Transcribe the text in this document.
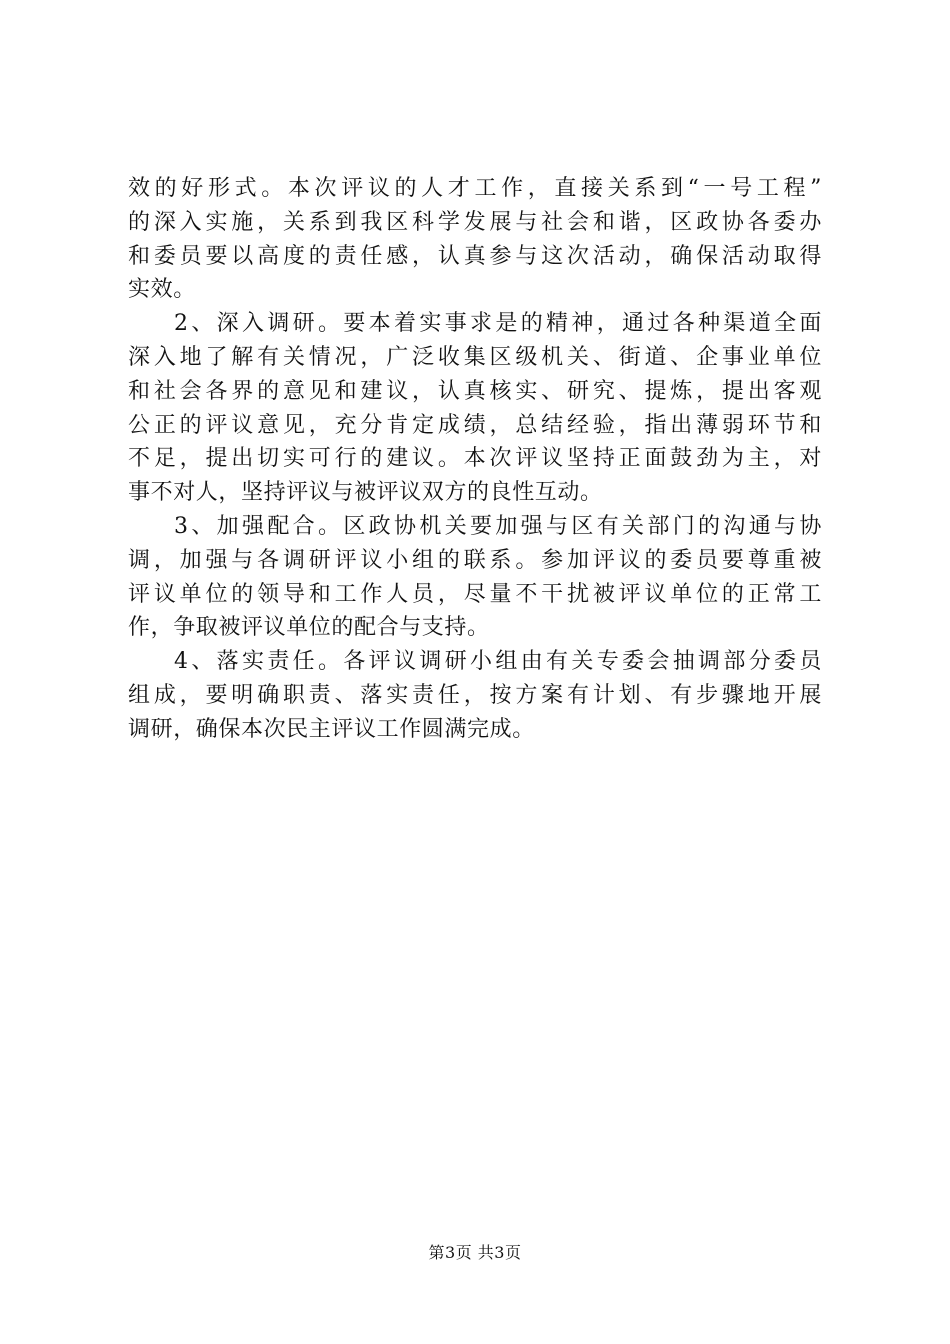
效的好形式。本次评议的人才工作，直接关系到“一号工程”
的深入实施，关系到我区科学发展与社会和谐，区政协各委办
和委员要以高度的责任感，认真参与这次活动，确保活动取得
实效。
2、深入调研。要本着实事求是的精神，通过各种渠道全面
深入地了解有关情况，广泛收集区级机关、街道、企事业单位
和社会各界的意见和建议，认真核实、研究、提炼，提出客观
公正的评议意见，充分肯定成绩，总结经验，指出薄弱环节和
不足，提出切实可行的建议。本次评议坚持正面鼓劲为主，对
事不对人，坚持评议与被评议双方的良性互动。
3、加强配合。区政协机关要加强与区有关部门的沟通与协
调，加强与各调研评议小组的联系。参加评议的委员要尊重被
评议单位的领导和工作人员，尽量不干扰被评议单位的正常工
作，争取被评议单位的配合与支持。
4、落实责任。各评议调研小组由有关专委会抽调部分委员
组成，要明确职责、落实责任，按方案有计划、有步骤地开展
调研，确保本次民主评议工作圆满完成。
第3页 共3页
